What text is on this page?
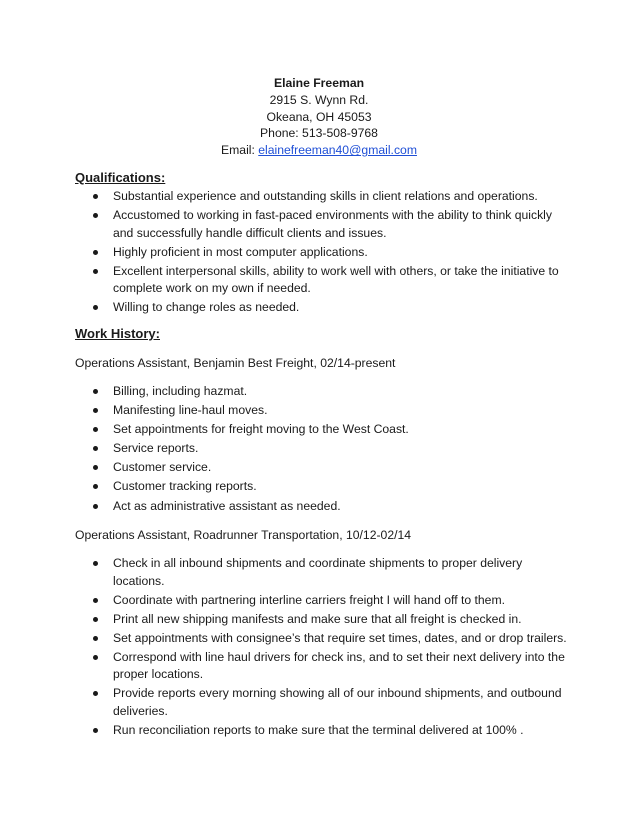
Elaine Freeman
2915 S. Wynn Rd.
Okeana, OH 45053
Phone: 513-508-9768
Email: elainefreeman40@gmail.com
Qualifications:
Substantial experience and outstanding skills in client relations and operations.
Accustomed to working in fast-paced environments with the ability to think quickly and successfully handle difficult clients and issues.
Highly proficient in most computer applications.
Excellent interpersonal skills, ability to work well with others, or take the initiative to complete work on my own if needed.
Willing to change roles as needed.
Work History:
Operations Assistant, Benjamin Best Freight, 02/14-present
Billing, including hazmat.
Manifesting line-haul moves.
Set appointments for freight moving to the West Coast.
Service reports.
Customer service.
Customer tracking reports.
Act as administrative assistant as needed.
Operations Assistant, Roadrunner Transportation, 10/12-02/14
Check in all inbound shipments and coordinate shipments to proper delivery locations.
Coordinate with partnering interline carriers freight I will hand off to them.
Print all new shipping manifests and make sure that all freight is checked in.
Set appointments with consignee’s that require set times, dates, and or drop trailers.
Correspond with line haul drivers for check ins, and to set their next delivery into the proper locations.
Provide reports every morning showing all of our inbound shipments, and outbound deliveries.
Run reconciliation reports to make sure that the terminal delivered at 100% .
